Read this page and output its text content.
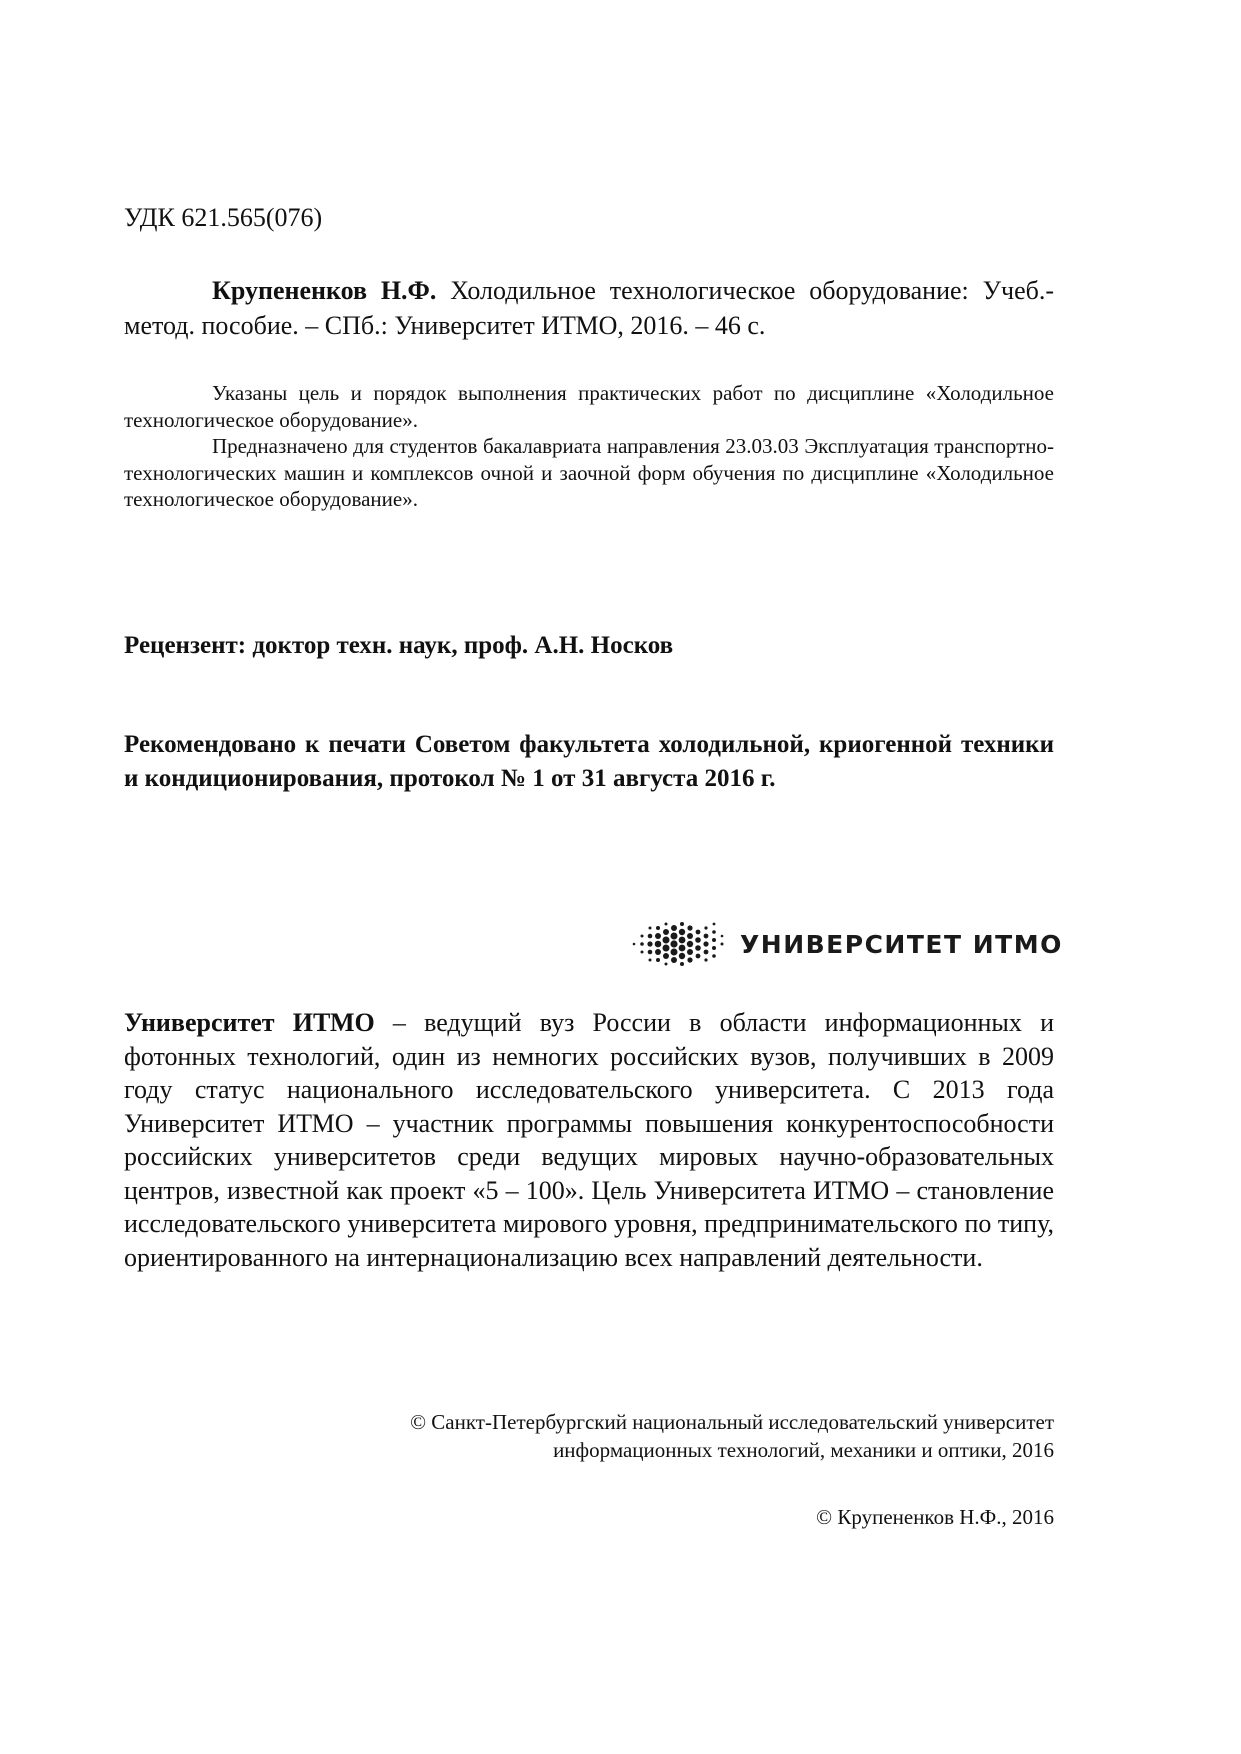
УДК 621.565(076)
Крупененков Н.Ф. Холодильное технологическое оборудование: Учеб.-метод. пособие. – СПб.: Университет ИТМО, 2016. – 46 с.

Указаны цель и порядок выполнения практических работ по дисциплине «Холодильное технологическое оборудование».

Предназначено для студентов бакалавриата направления 23.03.03 Эксплуатация транспортно-технологических машин и комплексов очной и заочной форм обучения по дисциплине «Холодильное технологическое оборудование».

Рецензент: доктор техн. наук, проф. А.Н. Носков
Рекомендовано к печати Советом факультета холодильной, криогенной техники и кондиционирования, протокол № 1 от 31 августа 2016 г.
УНИВЕРСИТЕТ ИТМО
Университет ИТМО – ведущий вуз России в области информационных и фотонных технологий, один из немногих российских вузов, получивших в 2009 году статус национального исследовательского университета. С 2013 года Университет ИТМО – участник программы повышения конкурентоспособности российских университетов среди ведущих мировых научно-образовательных центров, известной как проект «5 – 100». Цель Университета ИТМО – становление исследовательского университета мирового уровня, предпринимательского по типу, ориентированного на интернационализацию всех направлений деятельности.
© Санкт-Петербургский национальный исследовательский университет
информационных технологий, механики и оптики, 2016
© Крупененков Н.Ф., 2016
